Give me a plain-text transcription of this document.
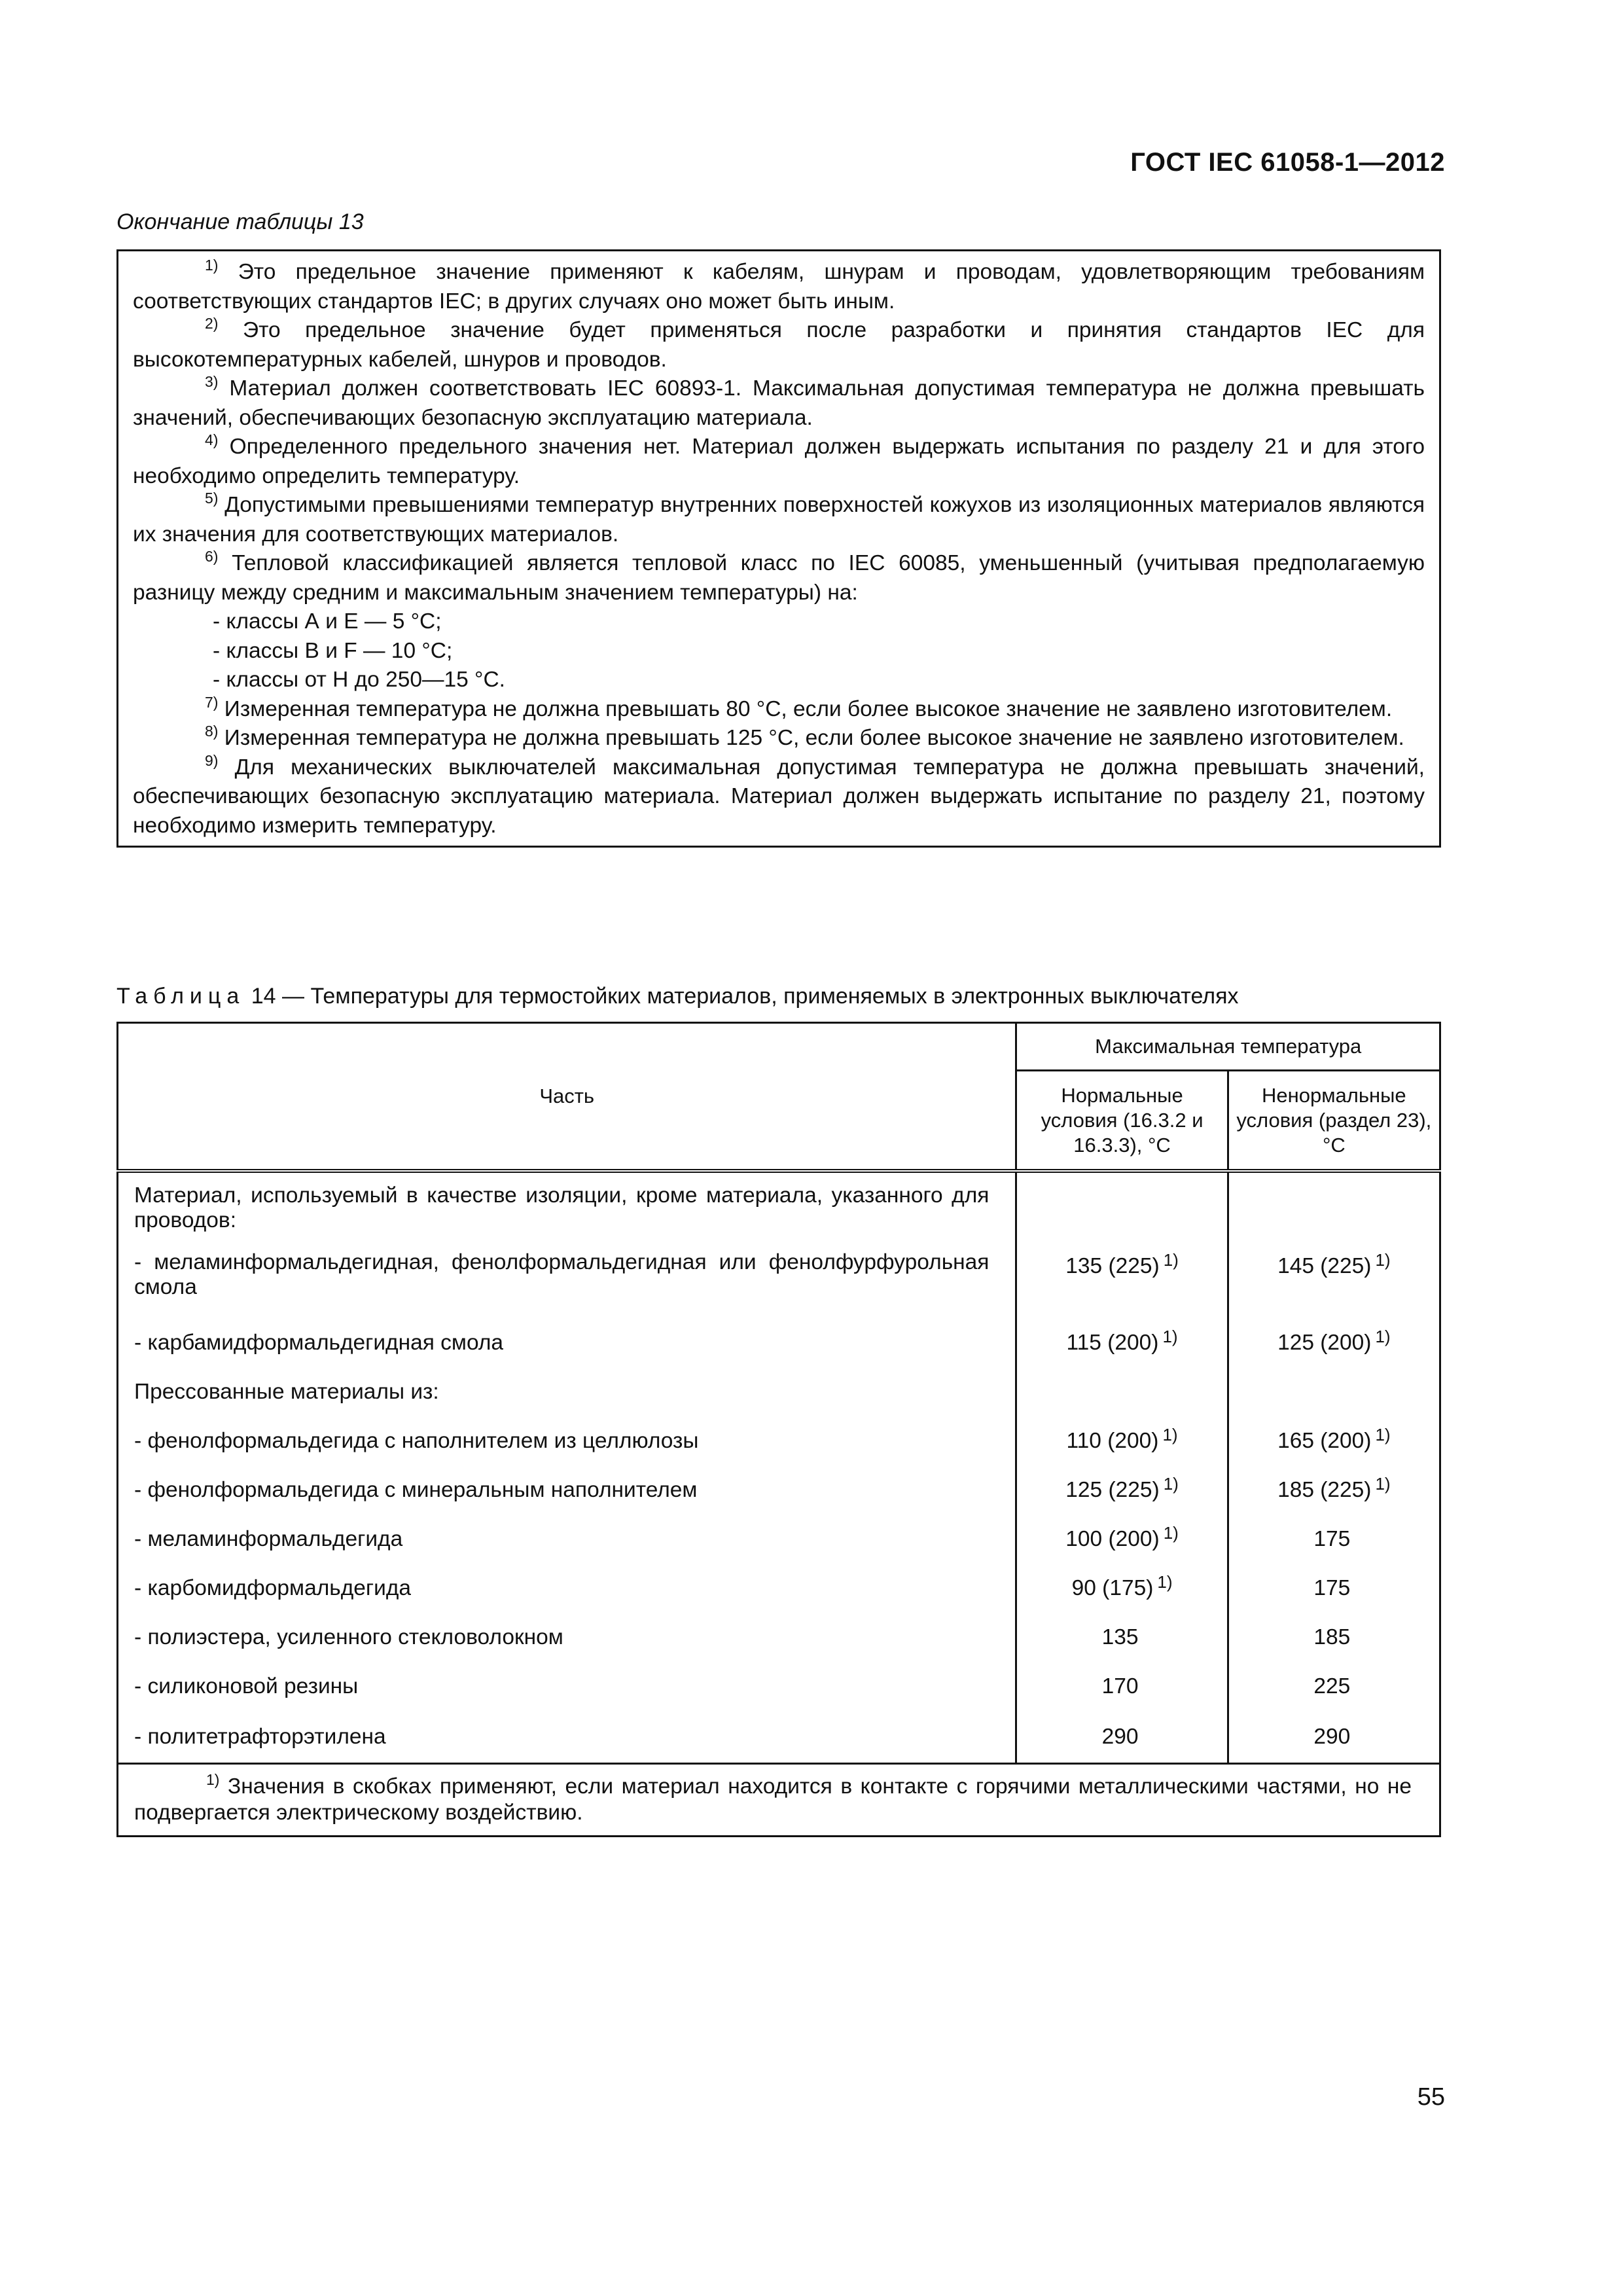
ГОСТ IEC 61058-1—2012
Окончание таблицы 13

$^{1)}$ Это предельное значение применяют к кабелям, шнурам и проводам, удовлетворяющим требованиям соответствующих стандартов IEC; в других случаях оно может быть иным.

$^{2)}$ Это предельное значение будет применяться после разработки и принятия стандартов IEC для высокотемпературных кабелей, шнуров и проводов.

$^{3)}$ Материал должен соответствовать IEC 60893-1. Максимальная допустимая температура не должна превышать значений, обеспечивающих безопасную эксплуатацию материала.

$^{4)}$ Определенного предельного значения нет. Материал должен выдержать испытания по разделу 21 и для этого необходимо определить температуру.

$^{5)}$ Допустимыми превышениями температур внутренних поверхностей кожухов из изоляционных материалов являются их значения для соответствующих материалов.

$^{6)}$ Тепловой классификацией является тепловой класс по IEC 60085, уменьшенный (учитывая предполагаемую разницу между средним и максимальным значением температуры) на:

- классы А и Е — 5 °С;

- классы В и F — 10 °С;

- классы от Н до 250—15 °С.

$^{7)}$ Измеренная температура не должна превышать 80 °С, если более высокое значение не заявлено изготовителем.

$^{8)}$ Измеренная температура не должна превышать 125 °С, если более высокое значение не заявлено изготовителем.

$^{9)}$ Для механических выключателей максимальная допустимая температура не должна превышать значений, обеспечивающих безопасную эксплуатацию материала. Материал должен выдержать испытание по разделу 21, поэтому необходимо измерить температуру.

Таблица 14 — Температуры для термостойких материалов, применяемых в электронных выключателях
Часть	Максимальная температура	
	Нормальные условия (16.3.2 и 16.3.3), °С	Ненормальные условия (раздел 23), °С
Материал, используемый в качестве изоляции, кроме материала, указанного для проводов:		
- меламинформальдегидная, фенолформальдегидная или фенолфурфурольная смола	135 (225) $^{1)}$	145 (225) $^{1)}$
- карбамидформальдегидная смола	115 (200) $^{1)}$	125 (200) $^{1)}$
Прессованные материалы из:		
- фенолформальдегида с наполнителем из целлюлозы	110 (200) $^{1)}$	165 (200) $^{1)}$
- фенолформальдегида с минеральным наполнителем	125 (225) $^{1)}$	185 (225) $^{1)}$
- меламинформальдегида	100 (200) $^{1)}$	175
- карбомидформальдегида	90 (175) $^{1)}$	175
- полиэстера, усиленного стекловолокном	135	185
- силиконовой резины	170	225
- политетрафторэтилена	290	290

$^{1)}$ Значения в скобках применяют, если материал находится в контакте с горячими металлическими частями, но не подвергается электрическому воздействию.		
55
